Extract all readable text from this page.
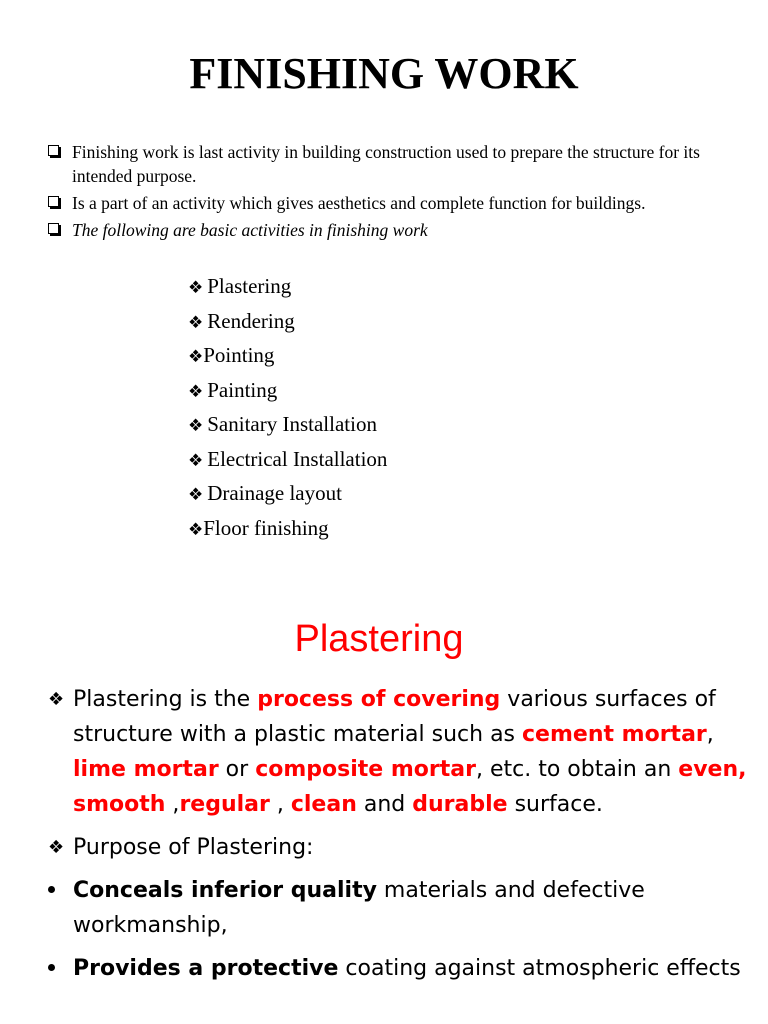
FINISHING WORK
Finishing work is last activity in building construction used to prepare the structure for its intended purpose.
Is a part of an activity which gives aesthetics and complete function for buildings.
The following are basic activities in finishing work
❖ Plastering
❖ Rendering
❖Pointing
❖ Painting
❖ Sanitary Installation
❖ Electrical Installation
❖ Drainage layout
❖Floor finishing
Plastering
❖ Plastering is the process of covering various surfaces of structure with a plastic material such as cement mortar, lime mortar or composite mortar, etc. to obtain an even, smooth ,regular , clean and durable surface.
❖ Purpose of Plastering:
Conceals inferior quality materials and defective workmanship,
Provides a protective coating against atmospheric effects
